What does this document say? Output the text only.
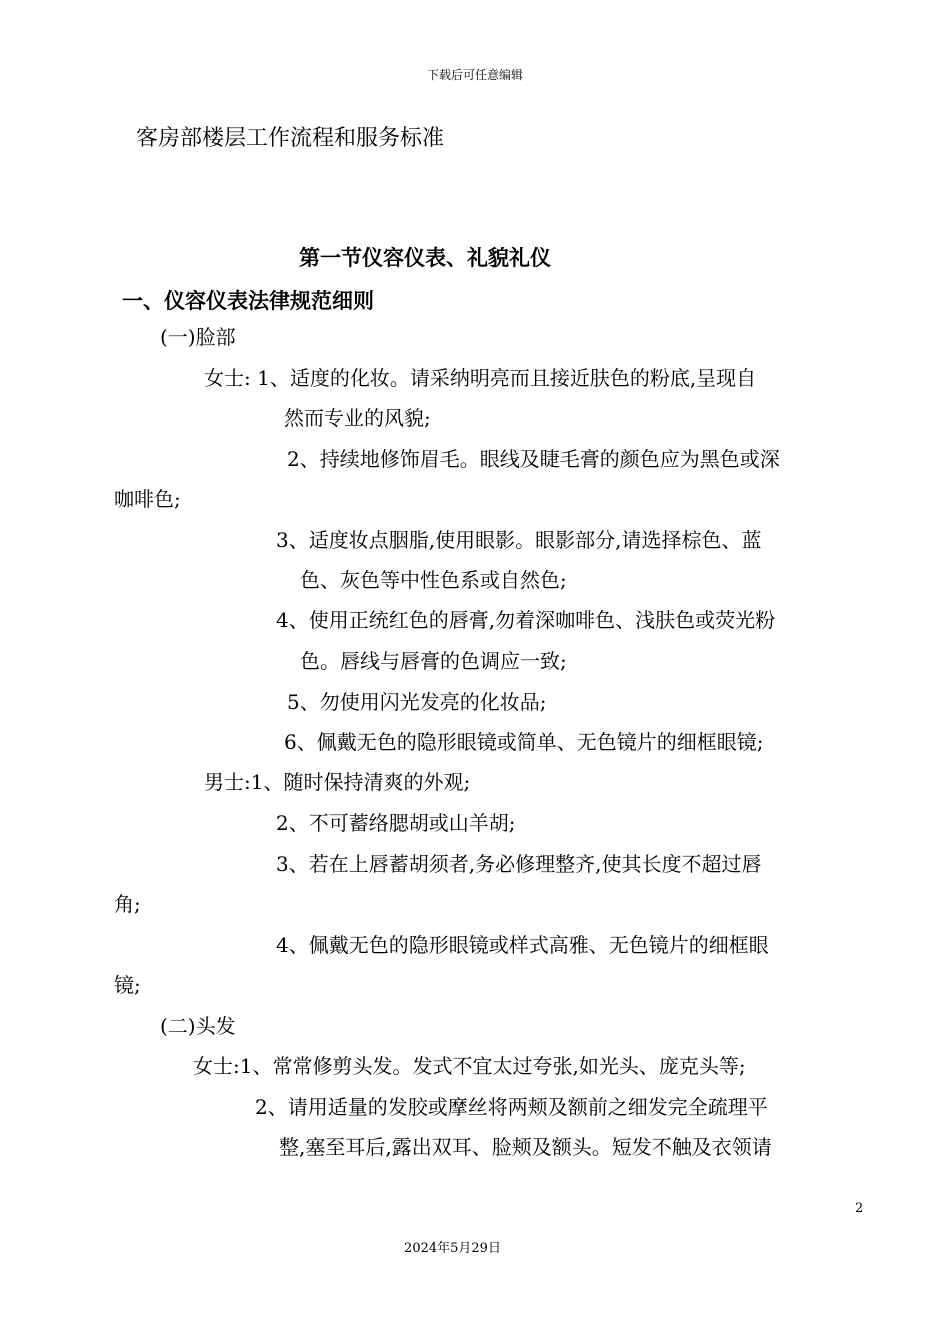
下载后可任意编辑
客房部楼层工作流程和服务标准
第一节仪容仪表、礼貌礼仪
一、仪容仪表法律规范细则
(一)脸部
女士: 1、适度的化妆。请采纳明亮而且接近肤色的粉底,呈现自
然而专业的风貌;
2、持续地修饰眉毛。眼线及睫毛膏的颜色应为黑色或深
咖啡色;
3、适度妆点胭脂,使用眼影。眼影部分,请选择棕色、蓝
色、灰色等中性色系或自然色;
4、使用正统红色的唇膏,勿着深咖啡色、浅肤色或荧光粉
色。唇线与唇膏的色调应一致;
5、勿使用闪光发亮的化妆品;
6、佩戴无色的隐形眼镜或简单、无色镜片的细框眼镜;
男士:1、随时保持清爽的外观;
2、不可蓄络腮胡或山羊胡;
3、若在上唇蓄胡须者,务必修理整齐,使其长度不超过唇
角;
4、佩戴无色的隐形眼镜或样式高雅、无色镜片的细框眼
镜;
(二)头发
女士:1、常常修剪头发。发式不宜太过夸张,如光头、庞克头等;
2、请用适量的发胶或摩丝将两颊及额前之细发完全疏理平
整,塞至耳后,露出双耳、脸颊及额头。短发不触及衣领请
2
2024年5月29日
